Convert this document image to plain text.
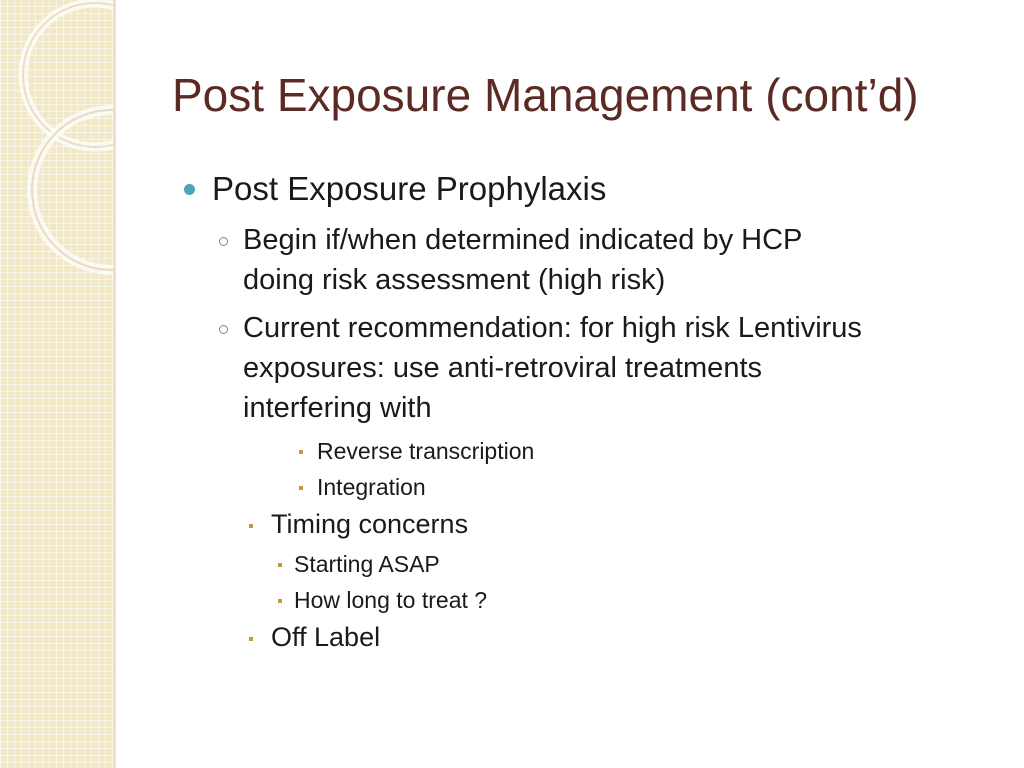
Post Exposure Management (cont’d)
Post Exposure Prophylaxis
Begin if/when determined indicated by HCP
doing risk assessment (high risk)
Current recommendation: for high risk Lentivirus
exposures: use anti-retroviral treatments
interfering with
Reverse transcription
Integration
Timing concerns
Starting ASAP
How long to treat ?
Off Label
